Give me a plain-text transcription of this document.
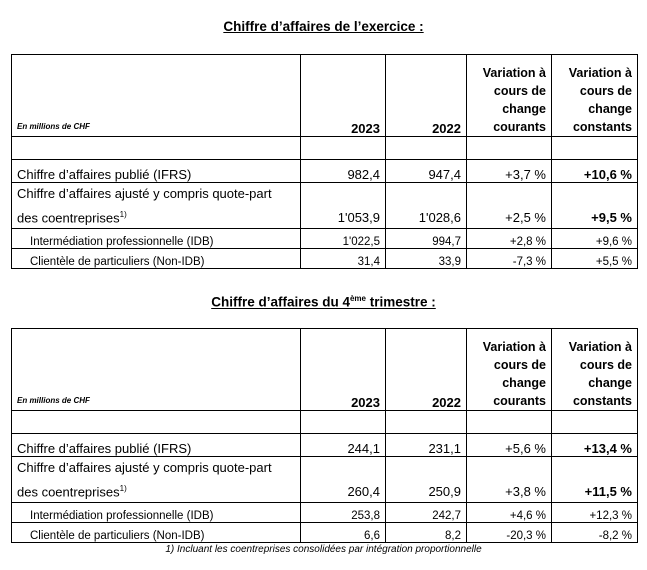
Chiffre d’affaires de l’exercice :
En millions de CHF	2023	2022	Variation à cours de change courants	Variation à cours de change constants

Chiffre d’affaires publié (IFRS)	982,4	947,4	+3,7 %	+10,6 %
Chiffre d’affaires ajusté y compris quote-part des coentreprises$^{1)}$	1'053,9	1'028,6	+2,5 %	+9,5 %
Intermédiation professionnelle (IDB)	1'022,5	994,7	+2,8 %	+9,6 %
Clientèle de particuliers (Non-IDB)	31,4	33,9	-7,3 %	+5,5 %
Chiffre d’affaires du 4ème trimestre :
En millions de CHF	2023	2022	Variation à cours de change courants	Variation à cours de change constants

Chiffre d’affaires publié (IFRS)	244,1	231,1	+5,6 %	+13,4 %
Chiffre d’affaires ajusté y compris quote-part des coentreprises$^{1)}$	260,4	250,9	+3,8 %	+11,5 %
Intermédiation professionnelle (IDB)	253,8	242,7	+4,6 %	+12,3 %
Clientèle de particuliers (Non-IDB)	6,6	8,2	-20,3 %	-8,2 %
1) Incluant les coentreprises consolidées par intégration proportionnelle
